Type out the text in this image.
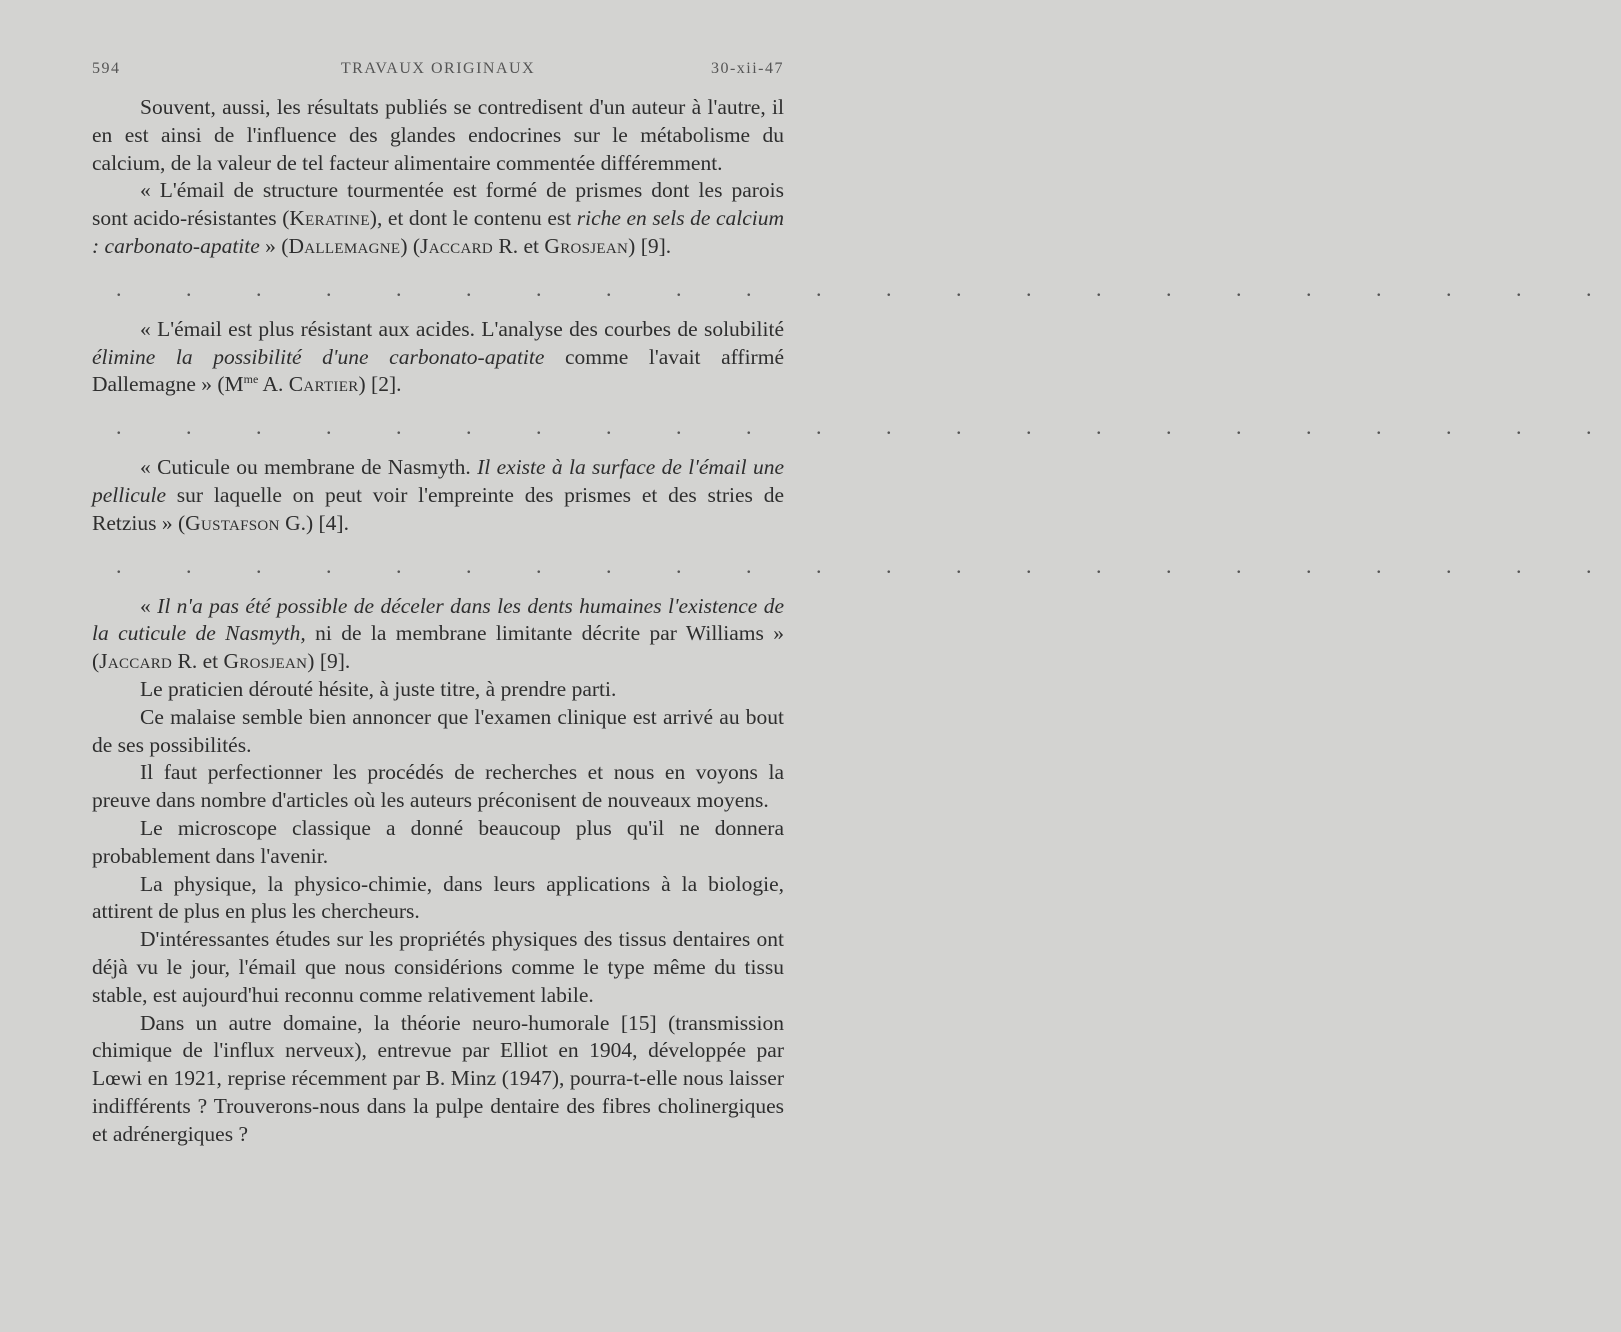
594	TRAVAUX ORIGINAUX	30-xii-47

Souvent, aussi, les résultats publiés se contredisent d'un auteur à l'autre, il en est ainsi de l'influence des glandes endocrines sur le métabolisme du calcium, de la valeur de tel facteur alimentaire commentée différemment.

« L'émail de structure tourmentée est formé de prismes dont les parois sont acido-résistantes (Keratine), et dont le contenu est riche en sels de calcium : carbonato-apatite » (Dallemagne) (Jaccard R. et Grosjean) [9].

. . . . . . . . . . . . . . . . . . . . . .

« L'émail est plus résistant aux acides. L'analyse des courbes de solubilité élimine la possibilité d'une carbonato-apatite comme l'avait affirmé Dallemagne » ($M^{me}$ A. Cartier) [2].

. . . . . . . . . . . . . . . . . . . . . .

« Cuticule ou membrane de Nasmyth. Il existe à la surface de l'émail une pellicule sur laquelle on peut voir l'empreinte des prismes et des stries de Retzius » (Gustafson G.) [4].

. . . . . . . . . . . . . . . . . . . . . .

« Il n'a pas été possible de déceler dans les dents humaines l'existence de la cuticule de Nasmyth, ni de la membrane limitante décrite par Williams » (Jaccard R. et Grosjean) [9].

Le praticien dérouté hésite, à juste titre, à prendre parti.

Ce malaise semble bien annoncer que l'examen clinique est arrivé au bout de ses possibilités.

Il faut perfectionner les procédés de recherches et nous en voyons la preuve dans nombre d'articles où les auteurs préconisent de nouveaux moyens.

Le microscope classique a donné beaucoup plus qu'il ne donnera probablement dans l'avenir.

La physique, la physico-chimie, dans leurs applications à la biologie, attirent de plus en plus les chercheurs.

D'intéressantes études sur les propriétés physiques des tissus dentaires ont déjà vu le jour, l'émail que nous considérions comme le type même du tissu stable, est aujourd'hui reconnu comme relativement labile.

Dans un autre domaine, la théorie neuro-humorale [15] (transmission chimique de l'influx nerveux), entrevue par Elliot en 1904, développée par Lœwi en 1921, reprise récemment par B. Minz (1947), pourra-t-elle nous laisser indifférents ? Trouverons-nous dans la pulpe dentaire des fibres cholinergiques et adrénergiques ?
